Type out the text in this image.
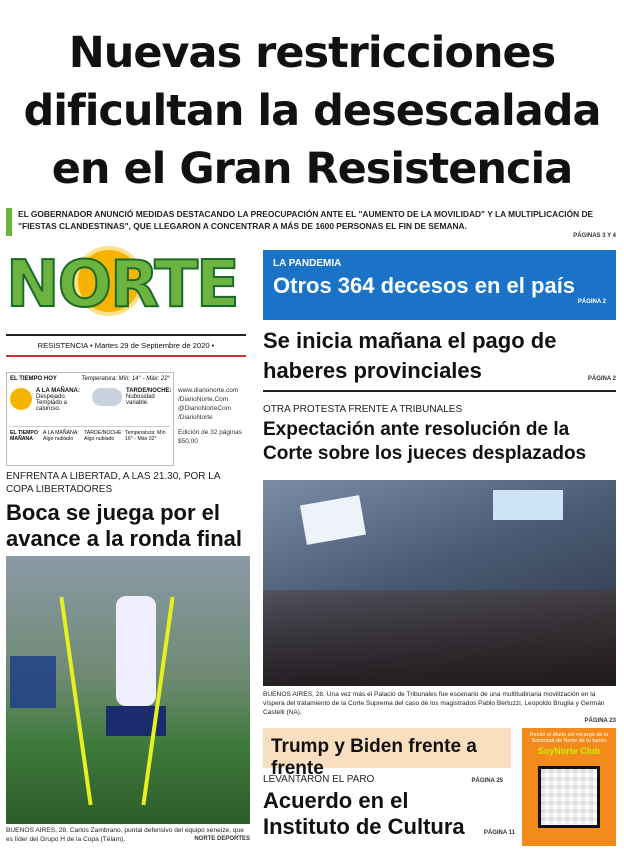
Nuevas restricciones
dificultan la desescalada
en el Gran Resistencia
EL GOBERNADOR ANUNCIÓ MEDIDAS DESTACANDO LA PREOCUPACIÓN ANTE EL "AUMENTO DE LA MOVILIDAD" Y LA MULTIPLICACIÓN DE "FIESTAS CLANDESTINAS", QUE LLEGARON A CONCENTRAR A MÁS DE 1600 PERSONAS EL FIN DE SEMANA.
PÁGINAS 3 Y 4
NORTE
RESISTENCIA • Martes 29 de Septiembre de 2020 •
EL TIEMPO HOY	Temperatura: Mín: 14° - Máx: 22°
A LA MAÑANA:
Despejado. Templado a caluroso.
TARDE/NOCHE:
Nubosidad variable.
EL TIEMPO MAÑANA
A LA MAÑANA: Algo nublado
TARDE/NOCHE: Algo nublado
Temperatura: Mín 16° - Máx 32°
www.diarionorte.com
/DiarioNorte.Com
@DiarioNorteCom
/DiarioNorte
Edición de 32 páginas
$50,00
ENFRENTA A LIBERTAD, A LAS 21.30, POR LA COPA LIBERTADORES
Boca se juega por el avance a la ronda final
BUENOS AIRES, 28. Carlos Zambrano, puntal defensivo del equipo xeneize, que es líder del Grupo H de la Copa (Télam).	NORTE DEPORTES
LA PANDEMIA
Otros 364 decesos en el país
PÁGINA 2
Se inicia mañana el pago de haberes provinciales	PÁGINA 2
OTRA PROTESTA FRENTE A TRIBUNALES
Expectación ante resolución de la Corte sobre los jueces desplazados
BUENOS AIRES, 28. Una vez más el Palacio de Tribunales fue escenario de una multitudinaria movilización en la víspera del tratamiento de la Corte Suprema del caso de los magistrados Pablo Bertuzzi, Leopoldo Bruglia y Germán Castelli (NA).
PÁGINA 23
Trump y Biden frente a frente
PÁGINA 25
LEVANTARON EL PARO
Acuerdo en el Instituto de Cultura	PÁGINA 11
Recibí el diario sin recargo de la Sociedad de Norte de tu barrio
SoyNorte Club
